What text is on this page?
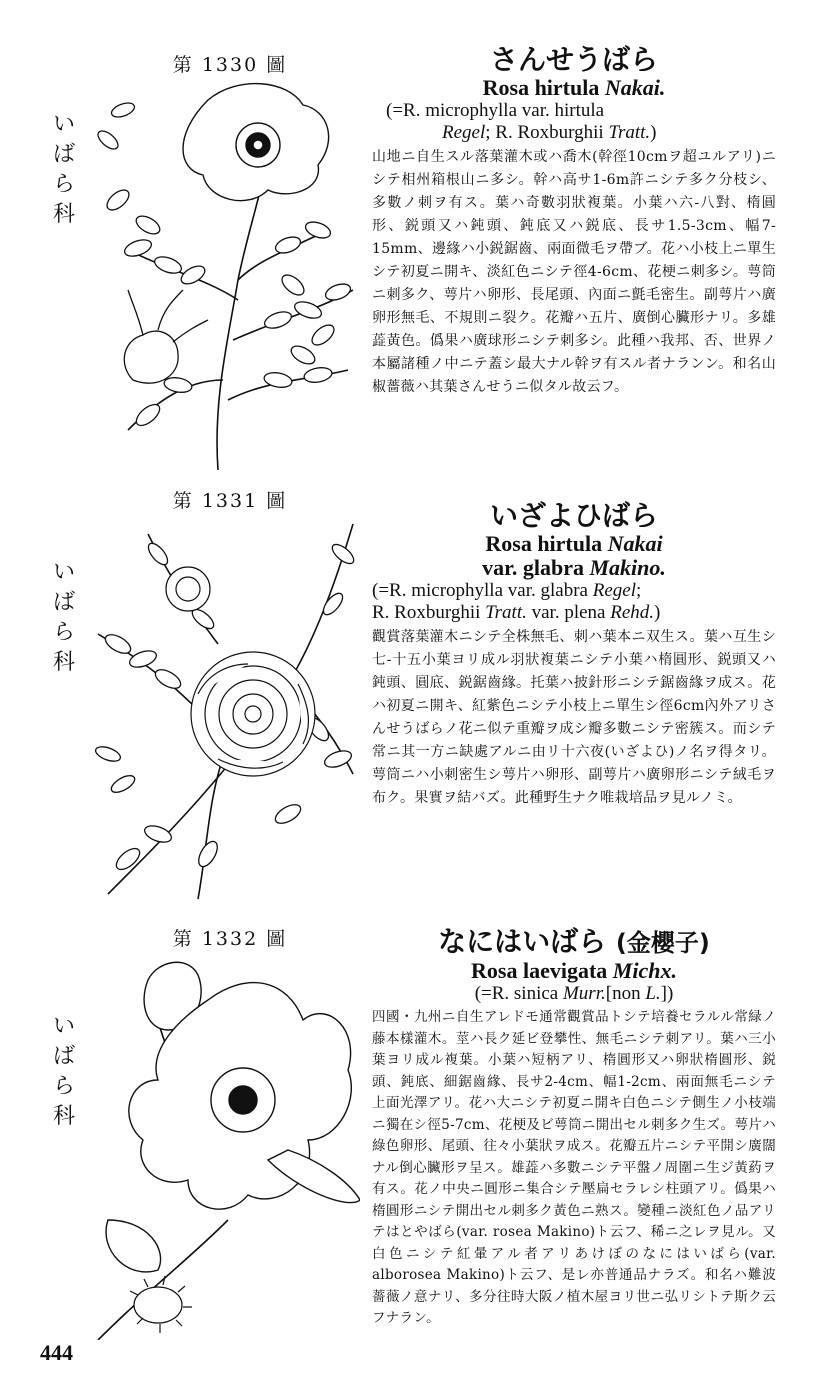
第 1330 圖
い
ば
ら
科
さんせうばら
Rosa hirtula Nakai.
(=R. microphylla var. hirtula
Regel; R. Roxburghii Tratt.)
山地ニ自生スル落葉灌木或ハ喬木(幹徑10cmヲ超ユルアリ)ニシテ相州箱根山ニ多シ。幹ハ高サ1-6m許ニシテ多ク分枝シ、多數ノ刺ヲ有ス。葉ハ奇數羽狀複葉。小葉ハ六-八對、楕圓形、鋭頭又ハ鈍頭、鈍底又ハ鋭底、長サ1.5-3cm、幅7-15mm、邊緣ハ小鋭鋸齒、兩面微毛ヲ帶ブ。花ハ小枝上ニ單生シテ初夏ニ開キ、淡紅色ニシテ徑4-6cm、花梗ニ刺多シ。萼筒ニ刺多ク、萼片ハ卵形、長尾頭、內面ニ氈毛密生。副萼片ハ廣卵形無毛、不規則ニ裂ク。花瓣ハ五片、廣倒心臟形ナリ。多雄蕋黃色。僞果ハ廣球形ニシテ刺多シ。此種ハ我邦、否、世界ノ本屬諸種ノ中ニテ蓋シ最大ナル幹ヲ有スル者ナランン。和名山椒薔薇ハ其葉さんせうニ似タル故云フ。
第 1331 圖
い
ば
ら
科
いざよひばら
Rosa hirtula Nakai
var. glabra Makino.
(=R. microphylla var. glabra Regel;
R. Roxburghii Tratt. var. plena Rehd.)
觀賞落葉灌木ニシテ全株無毛、刺ハ葉本ニ双生ス。葉ハ互生シ七-十五小葉ヨリ成ル羽狀複葉ニシテ小葉ハ楕圓形、鋭頭又ハ鈍頭、圓底、鋭鋸齒緣。托葉ハ披針形ニシテ鋸齒緣ヲ成ス。花ハ初夏ニ開キ、紅紫色ニシテ小枝上ニ單生シ徑6cm內外アリさんせうばらノ花ニ似テ重瓣ヲ成シ瓣多數ニシテ密簇ス。而シテ常ニ其一方ニ缺處アルニ由リ十六夜(いざよひ)ノ名ヲ得タリ。萼筒ニハ小刺密生シ萼片ハ卵形、副萼片ハ廣卵形ニシテ絨毛ヲ布ク。果實ヲ結バズ。此種野生ナク唯栽培品ヲ見ルノミ。
第 1332 圖
い
ば
ら
科
なにはいばら (金櫻子)
Rosa laevigata Michx.
(=R. sinica Murr.[non L.])
四國・九州ニ自生アレドモ通常觀賞品トシテ培養セラルル常緑ノ藤本樣灌木。莖ハ長ク延ビ登攀性、無毛ニシテ刺アリ。葉ハ三小葉ヨリ成ル複葉。小葉ハ短柄アリ、楕圓形又ハ卵狀楕圓形、鋭頭、鈍底、細鋸齒緣、長サ2-4cm、幅1-2cm、兩面無毛ニシテ上面光澤アリ。花ハ大ニシテ初夏ニ開キ白色ニシテ側生ノ小枝端ニ獨在シ徑5-7cm、花梗及ビ萼筒ニ開出セル刺多ク生ズ。萼片ハ綠色卵形、尾頭、往々小葉狀ヲ成ス。花瓣五片ニシテ平開シ廣闊ナル倒心臟形ヲ呈ス。雄蕋ハ多數ニシテ平盤ノ周圍ニ生ジ黃葯ヲ有ス。花ノ中央ニ圓形ニ集合シテ壓扁セラレシ柱頭アリ。僞果ハ楕圓形ニシテ開出セル刺多ク黃色ニ熟ス。變種ニ淡紅色ノ品アリテはとやばら(var. rosea Makino)ト云フ、稀ニ之レヲ見ル。又白色ニシテ紅暈アル者アリあけぼのなにはいばら(var. alborosea Makino)ト云フ、是レ亦普通品ナラズ。和名ハ難波薔薇ノ意ナリ、多分往時大阪ノ植木屋ヨリ世ニ弘リシトテ斯ク云フナラン。
444
